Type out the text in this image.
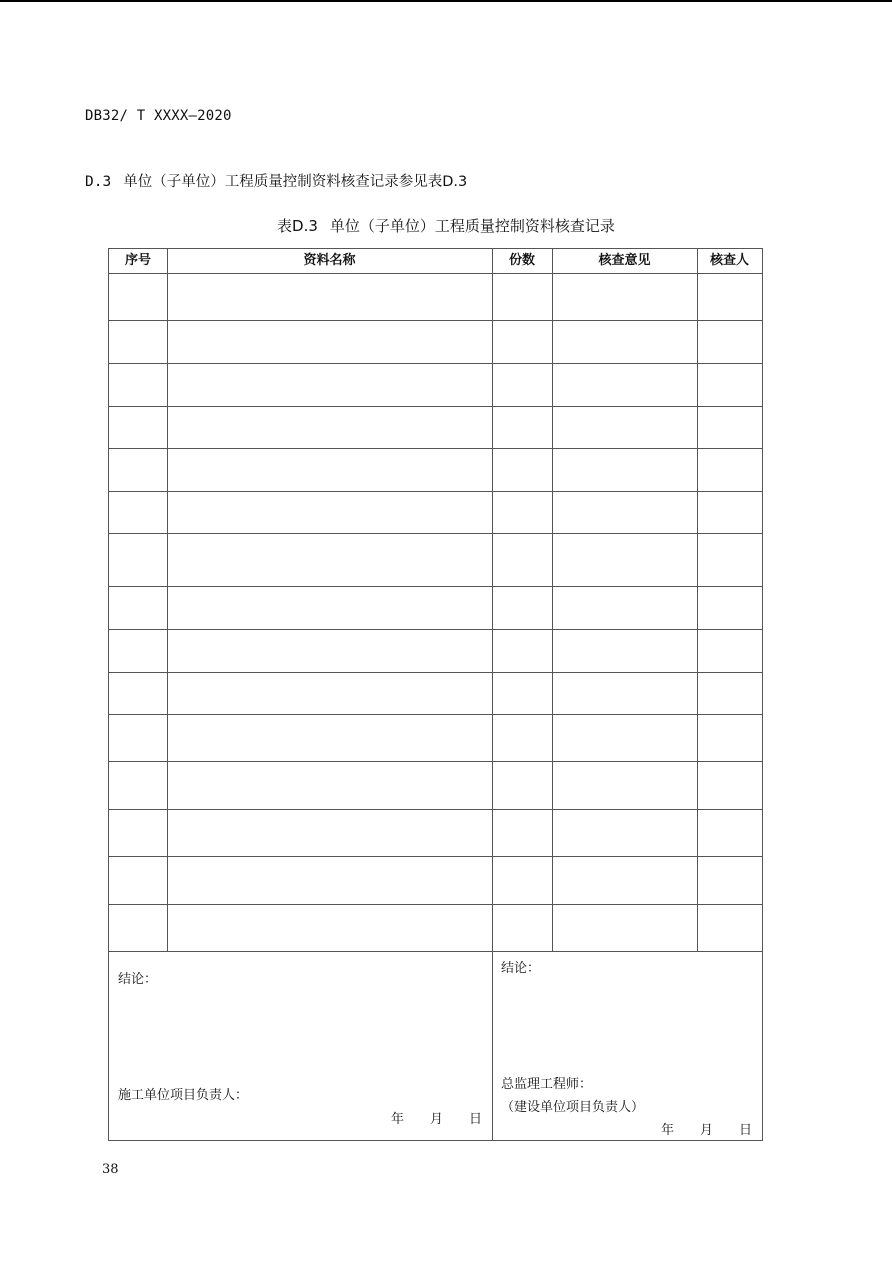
DB32/ T XXXX—2020
D.3 单位（子单位）工程质量控制资料核查记录参见表D.3
表D.3 单位（子单位）工程质量控制资料核查记录
序号	资料名称	份数	核查意见	核查人
结论：
施工单位项目负责人：
年 月 日
结论：
总监理工程师：
（建设单位项目负责人）
年 月 日
38
